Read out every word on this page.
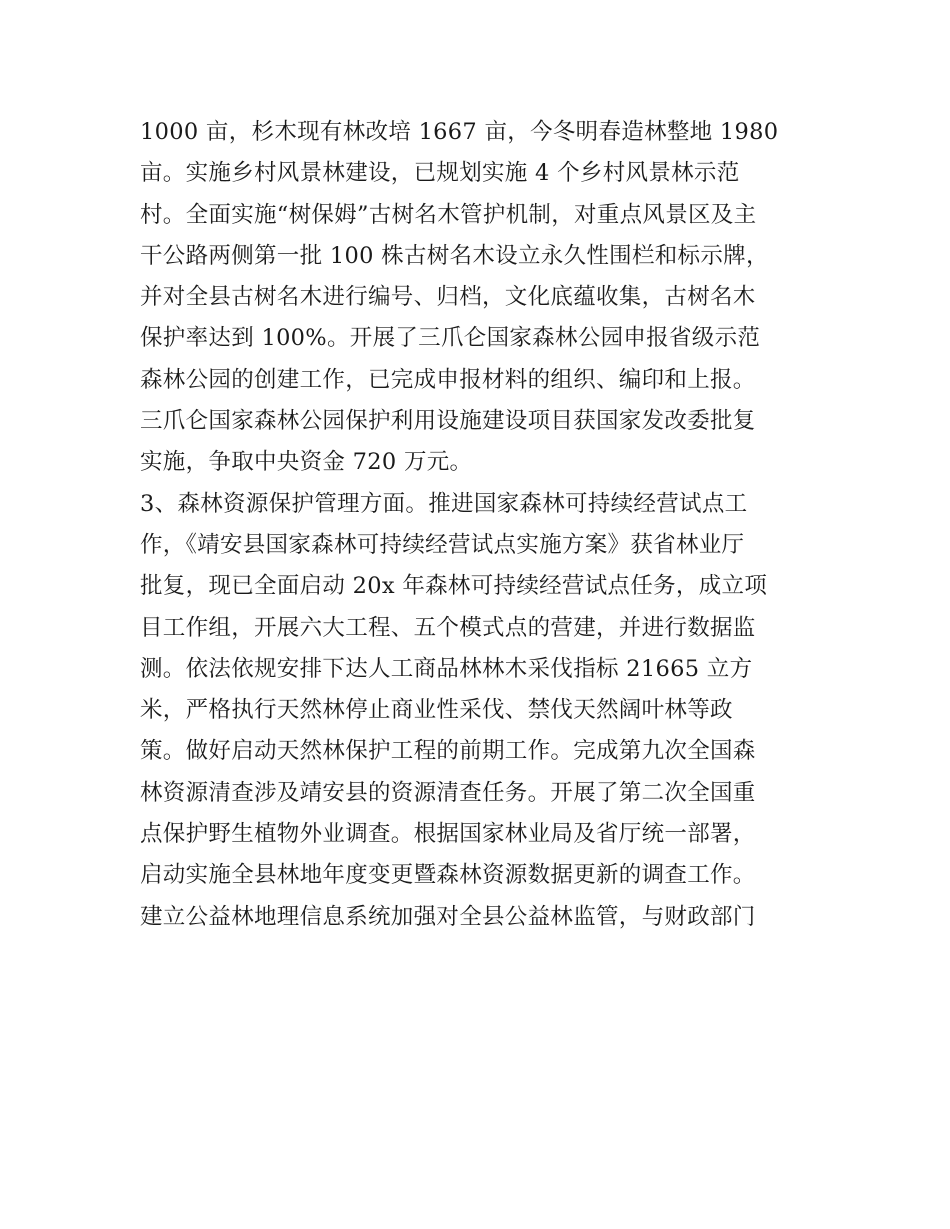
1000 亩，杉木现有林改培 1667 亩，今冬明春造林整地 1980
亩。实施乡村风景林建设，已规划实施 4 个乡村风景林示范
村。全面实施“树保姆”古树名木管护机制，对重点风景区及主
干公路两侧第一批 100 株古树名木设立永久性围栏和标示牌，
并对全县古树名木进行编号、归档，文化底蕴收集，古树名木
保护率达到 100%。开展了三爪仑国家森林公园申报省级示范
森林公园的创建工作，已完成申报材料的组织、编印和上报。
三爪仑国家森林公园保护利用设施建设项目获国家发改委批复
实施，争取中央资金 720 万元。
3、森林资源保护管理方面。推进国家森林可持续经营试点工
作，《靖安县国家森林可持续经营试点实施方案》获省林业厅
批复，现已全面启动 20x 年森林可持续经营试点任务，成立项
目工作组，开展六大工程、五个模式点的营建，并进行数据监
测。依法依规安排下达人工商品林林木采伐指标 21665 立方
米，严格执行天然林停止商业性采伐、禁伐天然阔叶林等政
策。做好启动天然林保护工程的前期工作。完成第九次全国森
林资源清查涉及靖安县的资源清查任务。开展了第二次全国重
点保护野生植物外业调查。根据国家林业局及省厅统一部署，
启动实施全县林地年度变更暨森林资源数据更新的调查工作。
建立公益林地理信息系统加强对全县公益林监管，与财政部门
